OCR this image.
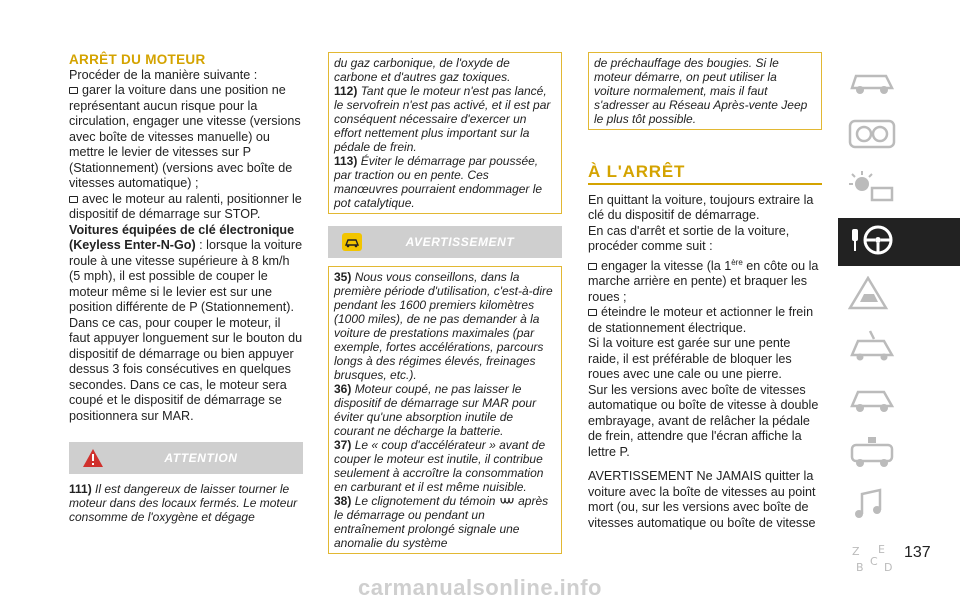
ARRÊT DU MOTEUR

Procéder de la manière suivante :

garer la voiture dans une position ne représentant aucun risque pour la circulation, engager une vitesse (versions avec boîte de vitesses manuelle) ou mettre le levier de vitesses sur P (Stationnement) (versions avec boîte de vitesses automatique) ;

avec le moteur au ralenti, positionner le dispositif de démarrage sur STOP.

Voitures équipées de clé électronique (Keyless Enter-N-Go) : lorsque la voiture roule à une vitesse supérieure à 8 km/h (5 mph), il est possible de couper le moteur même si le levier est sur une position différente de P (Stationnement). Dans ce cas, pour couper le moteur, il faut appuyer longuement sur le bouton du dispositif de démarrage ou bien appuyer dessus 3 fois consécutives en quelques secondes. Dans ce cas, le moteur sera coupé et le dispositif de démarrage se positionnera sur MAR.

ATTENTION

111) Il est dangereux de laisser tourner le moteur dans des locaux fermés. Le moteur consomme de l'oxygène et dégage

du gaz carbonique, de l'oxyde de carbone et d'autres gaz toxiques.

112) Tant que le moteur n'est pas lancé, le servofrein n'est pas activé, et il est par conséquent nécessaire d'exercer un effort nettement plus important sur la pédale de frein.

113) Éviter le démarrage par poussée, par traction ou en pente. Ces manœuvres pourraient endommager le pot catalytique.

AVERTISSEMENT

35) Nous vous conseillons, dans la première période d'utilisation, c'est-à-dire pendant les 1600 premiers kilomètres (1000 miles), de ne pas demander à la voiture de prestations maximales (par exemple, fortes accélérations, parcours longs à des régimes élevés, freinages brusques, etc.).

36) Moteur coupé, ne pas laisser le dispositif de démarrage sur MAR pour éviter qu'une absorption inutile de courant ne décharge la batterie.

37) Le « coup d'accélérateur » avant de couper le moteur est inutile, il contribue seulement à accroître la consommation en carburant et il est même nuisible.

38) Le clignotement du témoin  après le démarrage ou pendant un entraînement prolongé signale une anomalie du système

de préchauffage des bougies. Si le moteur démarre, on peut utiliser la voiture normalement, mais il faut s'adresser au Réseau Après-vente Jeep le plus tôt possible.

À L'ARRÊT

En quittant la voiture, toujours extraire la clé du dispositif de démarrage.

En cas d'arrêt et sortie de la voiture, procéder comme suit :

engager la vitesse (la 1ère en côte ou la marche arrière en pente) et braquer les roues ;

éteindre le moteur et actionner le frein de stationnement électrique.

Si la voiture est garée sur une pente raide, il est préférable de bloquer les roues avec une cale ou une pierre.

Sur les versions avec boîte de vitesses automatique ou boîte de vitesse à double embrayage, avant de relâcher la pédale de frein, attendre que l'écran affiche la lettre P.

AVERTISSEMENT Ne JAMAIS quitter la voiture avec la boîte de vitesses au point mort (ou, sur les versions avec boîte de vitesses automatique ou boîte de vitesse

Z E
B C D
137
carmanualsonline.info
